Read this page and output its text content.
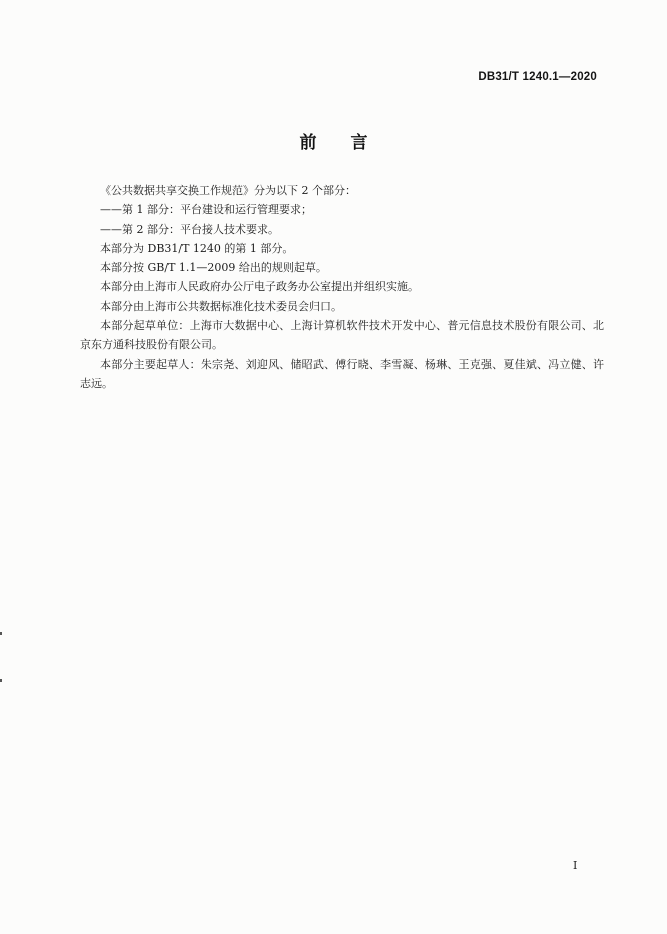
DB31/T 1240.1—2020
前 言
《公共数据共享交换工作规范》分为以下 2 个部分：
——第 1 部分：平台建设和运行管理要求；
——第 2 部分：平台接人技术要求。
本部分为 DB31/T 1240 的第 1 部分。
本部分按 GB/T 1.1—2009 给出的规则起草。
本部分由上海市人民政府办公厅电子政务办公室提出并组织实施。
本部分由上海市公共数据标准化技术委员会归口。
本部分起草单位：上海市大数据中心、上海计算机软件技术开发中心、普元信息技术股份有限公司、北京东方通科技股份有限公司。
本部分主要起草人：朱宗尧、刘迎风、储昭武、傅行晓、李雪凝、杨琳、王克强、夏佳斌、冯立健、许志远。
I
